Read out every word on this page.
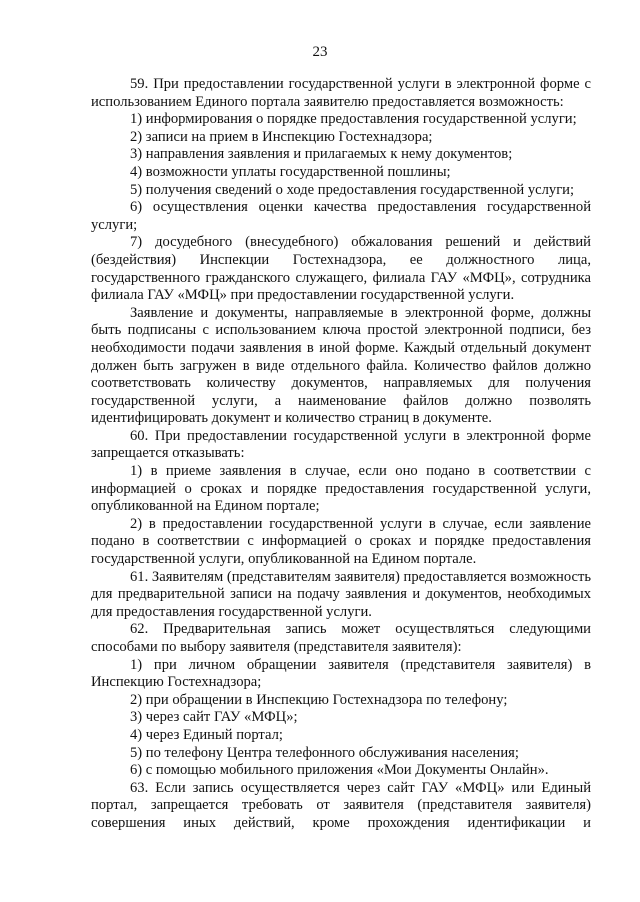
23

59. При предоставлении государственной услуги в электронной форме с использованием Единого портала заявителю предоставляется возможность:

1) информирования о порядке предоставления государственной услуги;

2) записи на прием в Инспекцию Гостехнадзора;

3) направления заявления и прилагаемых к нему документов;

4) возможности уплаты государственной пошлины;

5) получения сведений о ходе предоставления государственной услуги;

6) осуществления оценки качества предоставления государственной услуги;

7) досудебного (внесудебного) обжалования решений и действий (бездействия) Инспекции Гостехнадзора, ее должностного лица, государственного гражданского служащего, филиала ГАУ «МФЦ», сотрудника филиала ГАУ «МФЦ» при предоставлении государственной услуги.

Заявление и документы, направляемые в электронной форме, должны быть подписаны с использованием ключа простой электронной подписи, без необходимости подачи заявления в иной форме. Каждый отдельный документ должен быть загружен в виде отдельного файла. Количество файлов должно соответствовать количеству документов, направляемых для получения государственной услуги, а наименование файлов должно позволять идентифицировать документ и количество страниц в документе.

60. При предоставлении государственной услуги в электронной форме запрещается отказывать:

1) в приеме заявления в случае, если оно подано в соответствии с информацией о сроках и порядке предоставления государственной услуги, опубликованной на Едином портале;

2) в предоставлении государственной услуги в случае, если заявление подано в соответствии с информацией о сроках и порядке предоставления государственной услуги, опубликованной на Едином портале.

61. Заявителям (представителям заявителя) предоставляется возможность для предварительной записи на подачу заявления и документов, необходимых для предоставления государственной услуги.

62. Предварительная запись может осуществляться следующими способами по выбору заявителя (представителя заявителя):

1) при личном обращении заявителя (представителя заявителя) в Инспекцию Гостехнадзора;

2) при обращении в Инспекцию Гостехнадзора по телефону;

3) через сайт ГАУ «МФЦ»;

4) через Единый портал;

5) по телефону Центра телефонного обслуживания населения;

6) с помощью мобильного приложения «Мои Документы Онлайн».

63. Если запись осуществляется через сайт ГАУ «МФЦ» или Единый портал, запрещается требовать от заявителя (представителя заявителя) совершения иных действий, кроме прохождения идентификации и
